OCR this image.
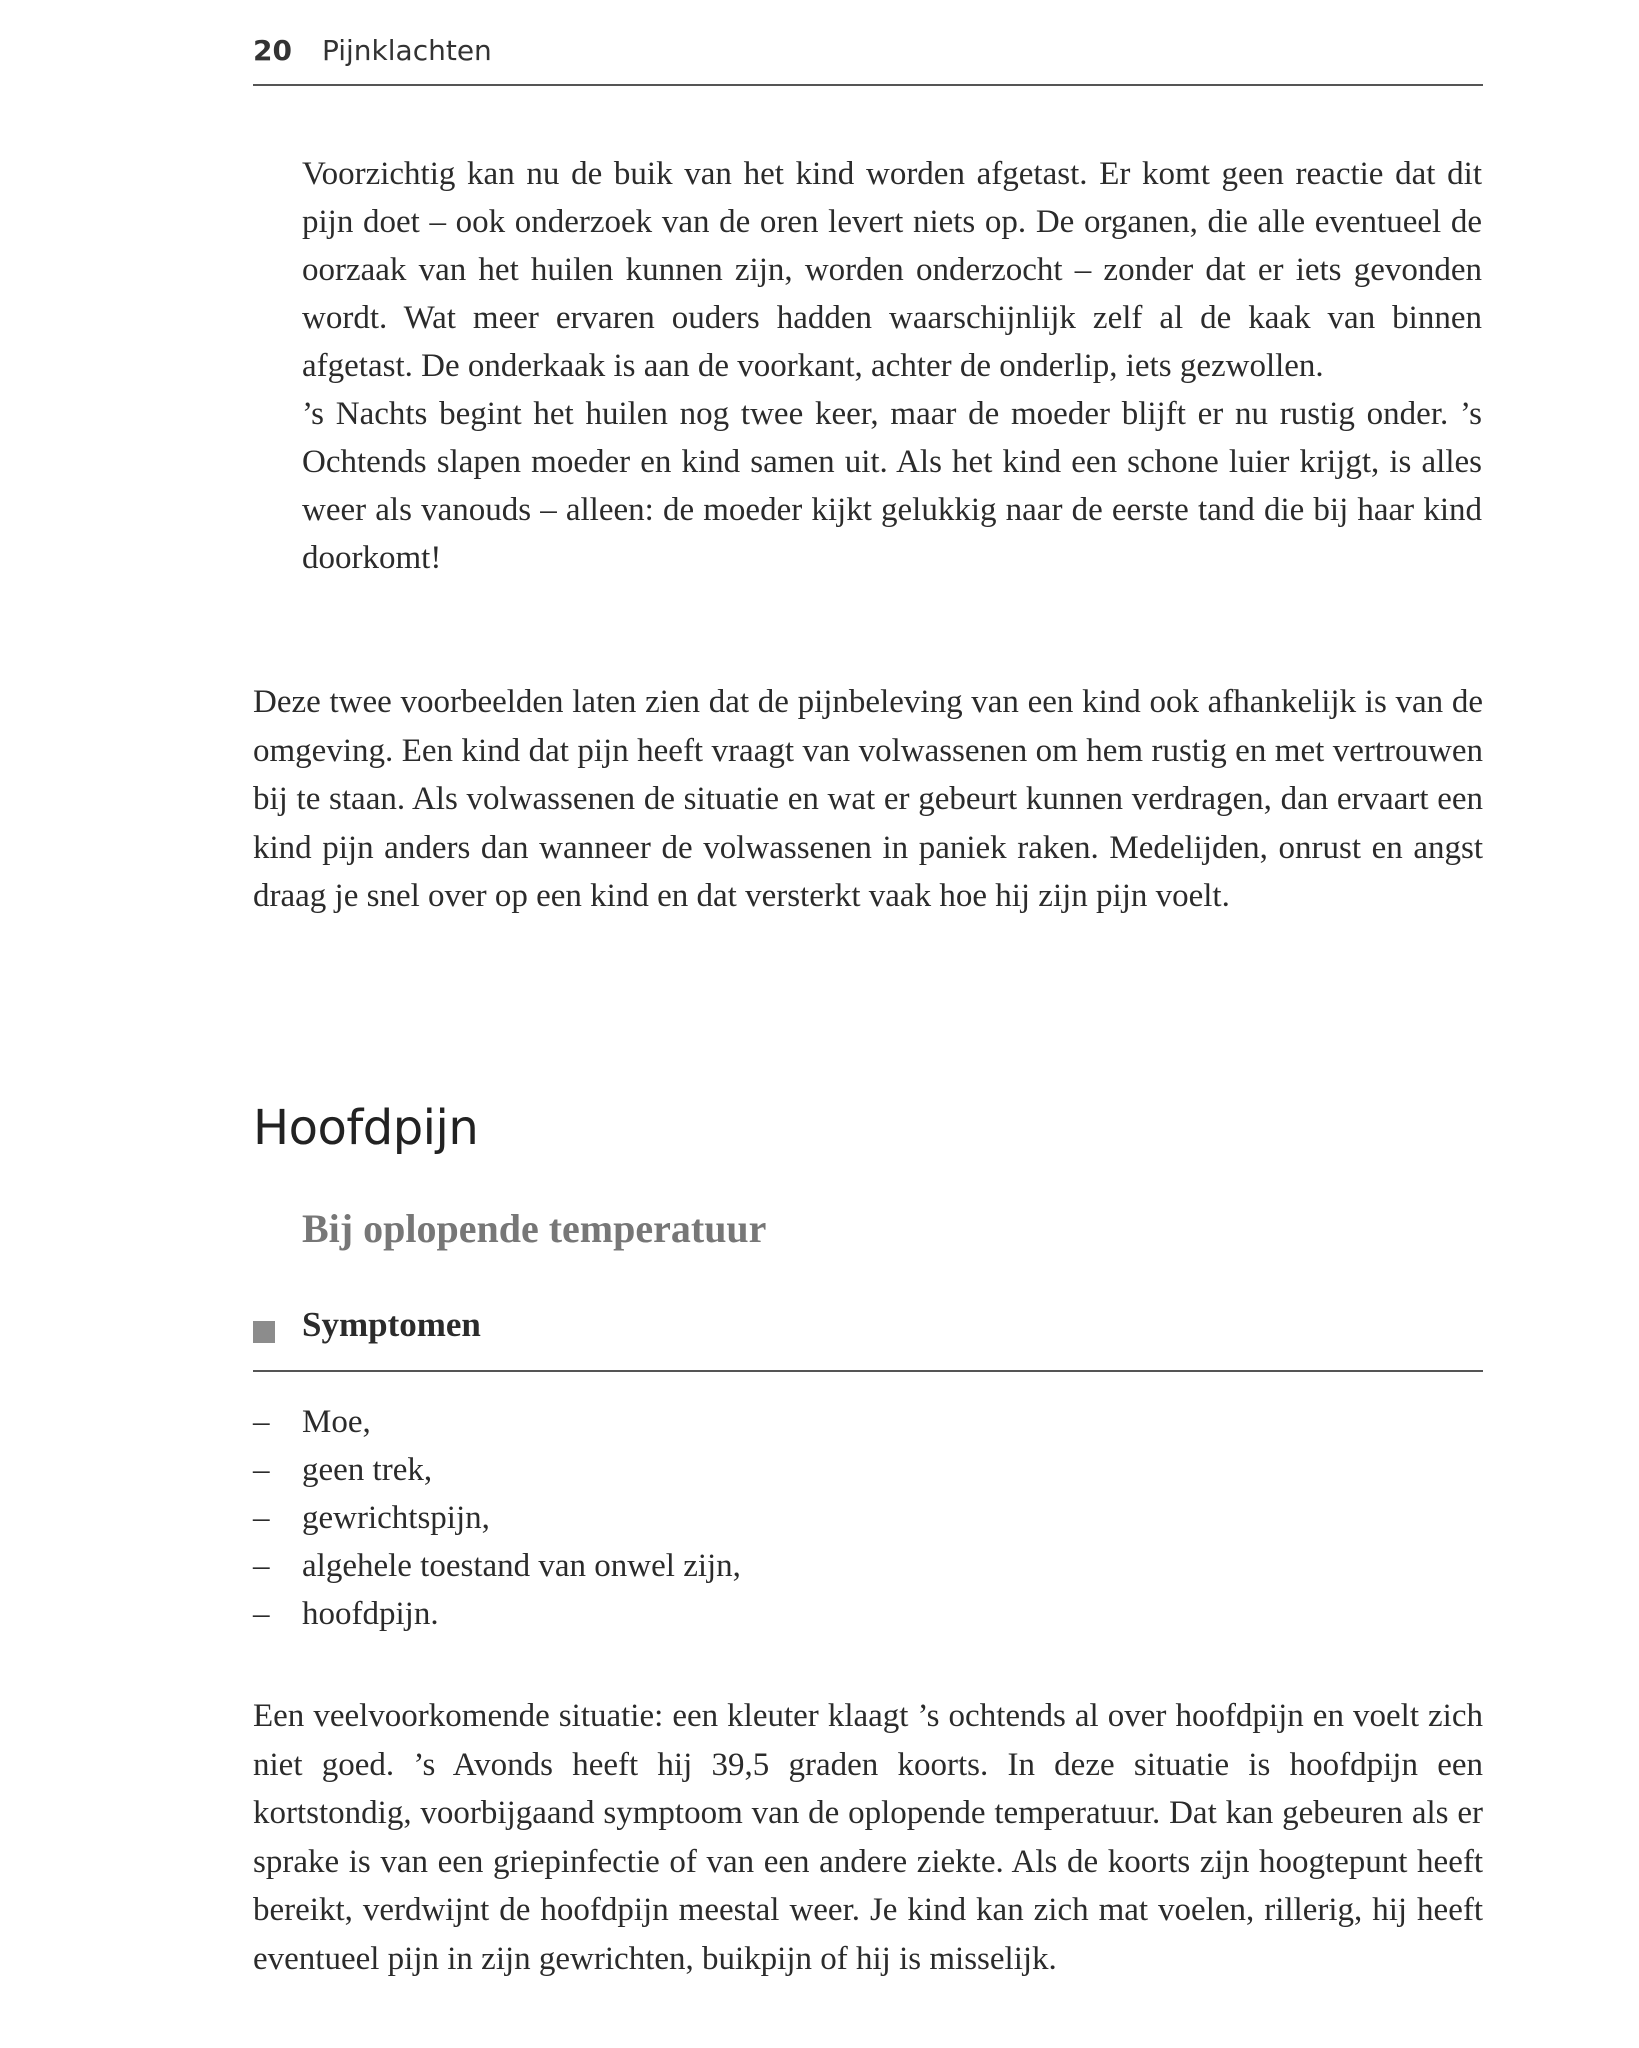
20 Pijnklachten

Voorzichtig kan nu de buik van het kind worden afgetast. Er komt geen reactie dat dit pijn doet – ook onderzoek van de oren levert niets op. De organen, die alle eventueel de oorzaak van het huilen kunnen zijn, worden onderzocht – zonder dat er iets gevonden wordt. Wat meer ervaren ouders hadden waarschijnlijk zelf al de kaak van binnen afgetast. De onderkaak is aan de voorkant, achter de onderlip, iets gezwollen.

’s Nachts begint het huilen nog twee keer, maar de moeder blijft er nu rustig onder. ’s Ochtends slapen moeder en kind samen uit. Als het kind een schone luier krijgt, is alles weer als vanouds – alleen: de moeder kijkt gelukkig naar de eerste tand die bij haar kind doorkomt!

Deze twee voorbeelden laten zien dat de pijnbeleving van een kind ook afhankelijk is van de omgeving. Een kind dat pijn heeft vraagt van volwassenen om hem rustig en met vertrouwen bij te staan. Als volwassenen de situatie en wat er gebeurt kunnen verdragen, dan ervaart een kind pijn anders dan wanneer de volwassenen in paniek raken. Medelijden, onrust en angst draag je snel over op een kind en dat versterkt vaak hoe hij zijn pijn voelt.

Hoofdpijn
Bij oplopende temperatuur
Symptomen
– Moe,
– geen trek,
– gewrichtspijn,
– algehele toestand van onwel zijn,
– hoofdpijn.

Een veelvoorkomende situatie: een kleuter klaagt ’s ochtends al over hoofdpijn en voelt zich niet goed. ’s Avonds heeft hij 39,5 graden koorts. In deze situatie is hoofdpijn een kortstondig, voorbijgaand symptoom van de oplopende temperatuur. Dat kan gebeuren als er sprake is van een griepinfectie of van een andere ziekte. Als de koorts zijn hoogtepunt heeft bereikt, verdwijnt de hoofdpijn meestal weer. Je kind kan zich mat voelen, rillerig, hij heeft eventueel pijn in zijn gewrichten, buikpijn of hij is misselijk.
